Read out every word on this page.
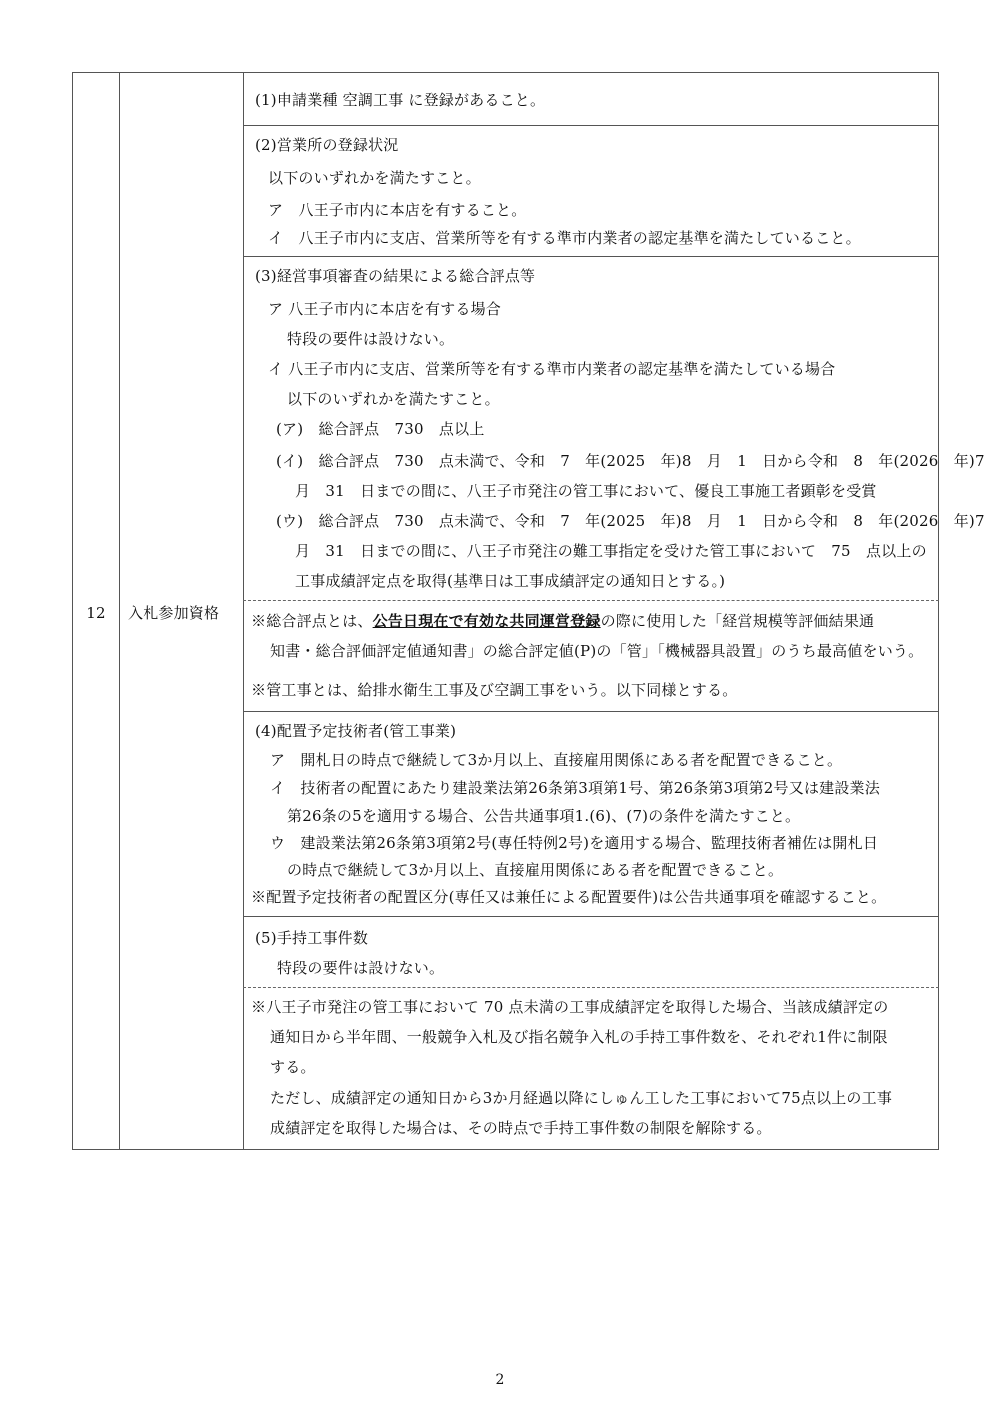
12	入札参加資格
(1)申請業種 空調工事 に登録があること。
(2)営業所の登録状況
以下のいずれかを満たすこと。
ア　八王子市内に本店を有すること。
イ　八王子市内に支店、営業所等を有する準市内業者の認定基準を満たしていること。
(3)経営事項審査の結果による総合評点等
ア 八王子市内に本店を有する場合
特段の要件は設けない。
イ 八王子市内に支店、営業所等を有する準市内業者の認定基準を満たしている場合
以下のいずれかを満たすこと。
(ア)　総合評点　730　点以上
(イ)　総合評点　730　点未満で、令和　7　年(2025　年)8　月　1　日から令和　8　年(2026　年)7
月　31　日までの間に、八王子市発注の管工事において、優良工事施工者顕彰を受賞
(ウ)　総合評点　730　点未満で、令和　7　年(2025　年)8　月　1　日から令和　8　年(2026　年)7
月　31　日までの間に、八王子市発注の難工事指定を受けた管工事において　75　点以上の
工事成績評定点を取得(基準日は工事成績評定の通知日とする。)
※総合評点とは、公告日現在で有効な共同運営登録の際に使用した「経営規模等評価結果通
知書・総合評価評定値通知書」の総合評定値(P)の「管」「機械器具設置」のうち最高値をいう。
※管工事とは、給排水衛生工事及び空調工事をいう。以下同様とする。
(4)配置予定技術者(管工事業)
ア　開札日の時点で継続して3か月以上、直接雇用関係にある者を配置できること。
イ　技術者の配置にあたり建設業法第26条第3項第1号、第26条第3項第2号又は建設業法
第26条の5を適用する場合、公告共通事項1.(6)、(7)の条件を満たすこと。
ウ　建設業法第26条第3項第2号(専任特例2号)を適用する場合、監理技術者補佐は開札日
の時点で継続して3か月以上、直接雇用関係にある者を配置できること。
※配置予定技術者の配置区分(専任又は兼任による配置要件)は公告共通事項を確認すること。
(5)手持工事件数
特段の要件は設けない。
※八王子市発注の管工事において 70 点未満の工事成績評定を取得した場合、当該成績評定の
通知日から半年間、一般競争入札及び指名競争入札の手持工事件数を、それぞれ1件に制限
する。
ただし、成績評定の通知日から3か月経過以降にしゅん工した工事において75点以上の工事
成績評定を取得した場合は、その時点で手持工事件数の制限を解除する。
2
